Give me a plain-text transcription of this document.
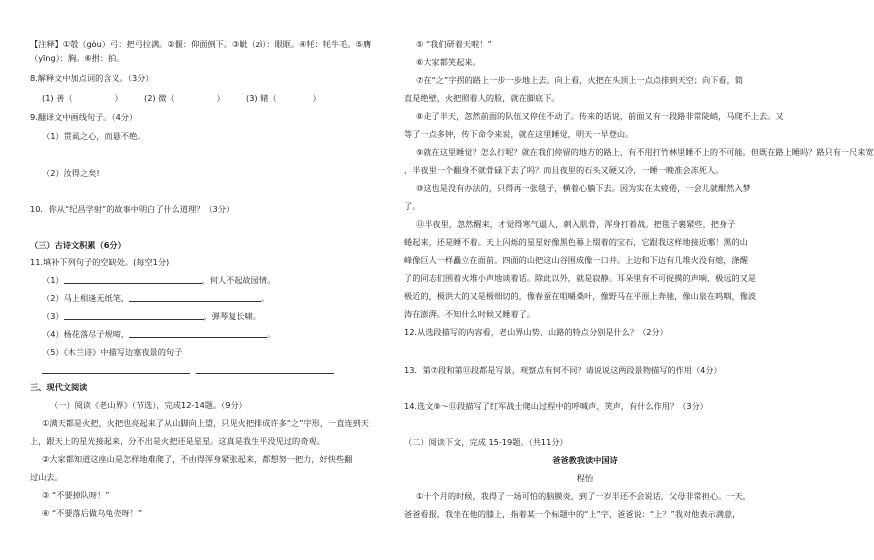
【注释】①彀（gòu）弓：把弓拉满。②偃：仰面倒下。③眦（zì）：眼眶。④牦：牦牛毛。⑤膺
（yīng）：胸。⑥拊：拍。
8.解释文中加点词的含义。（3分）
(1) 善（	）	(2) 微（	）	(3) 睹（	）
9.翻译文中画线句子。（4分）
（1）贯虱之心，而悬不绝。
（2）汝得之矣!
10．你从“纪昌学射”的故事中明白了什么道理？（3分）
（三）古诗文积累（6分）
11.填补下列句子的空缺处。(每空1分)
（1）	，何人不起故园情。
（2）马上相逢无纸笔，	。
（3）	，弹琴复长啸。
（4）杨花落尽子规啼，	。
（5）《木兰诗》中描写边塞夜景的句子
三、现代文阅读
（一）阅读《老山界》（节选），完成12-14题。（9分）
①满天都是火把，火把也亮起来了从山脚向上望，只见火把排成许多“之”字形，一直连到天
上，跟天上的星光接起来，分不出是火把还是星星。这真是我生平没见过的奇观。
②大家都知道这座山是怎样地难爬了，不由得浑身紧张起来，都想努一把力，好快些翻
过山去。
③ “不要掉队呀！”
④ “不要落后做乌龟壳呀！”
⑤ “我们研着天啦！”
⑥大家都笑起来。
⑦在“之”字拐的路上一步一步地上去。向上看，火把在头顶上一点点排到天空；向下看，简
直是绝壁，火把照着人的脸，就在脚底下。
⑧走了半天，忽然前面的队伍又停住不动了。传来的话说，前面又有一段路非常陡峭，马爬不上去。又
等了一点多钟，传下命令来说，就在这里睡觉，明天一早登山。
⑨就在这里睡觉？怎么行呢？就在我们停留的地方的路上，有不用打竹林里睡不上的不可能。但既在路上睡吗？路只有一尺来宽
，半夜里一个翻身不就骨碌下去了吗？而且夜里的石头又硬又冷，一睡一晚准会冻死人。
⑩这也是没有办法的，只得再一张毯子，横着心躺下去。因为实在太疲倦，一会儿就酣然入梦
了。
⑪半夜里，忽然醒来，才觉得寒气逼人，刺入肌骨，浑身打着战。把毯子裹紧些，把身子
蜷起来，还是睡不着。天上闪烁的星星好像黑色幕上缀着的宝石，它跟我这样地接近哪！黑的山
峰像巨人一样矗立在面前。四面的山把这山谷围成像一口井。上边和下边有几堆火没有熄，涤醒
了的同志们围着火堆小声地谈着话。除此以外，就是寂静。耳朵里有不可捉摸的声响，极远的又是
极近的，极洪大的又是极细切的，像春蚕在咀嚼桑叶，像野马在平原上奔驰，像山泉在呜咽，像波
涛在澎湃。不知什么时候又睡着了。
12.从选段描写的内容看，老山界山势、山路的特点分别是什么？（2分）
13．第⑦段和第⑪段都是写景，观察点有何不同？请说说这两段景物描写的作用（4分）
14.选文⑨～⑪段描写了红军战士爬山过程中的呼喊声、笑声，有什么作用？（3分）
（二）阅读下文，完成 15-19题。（共11分）
爸爸教我读中国诗
程怡
①十个月的时候，我得了一场可怕的脑膜炎，到了一岁半还不会说话，父母非常担心。一天，
爸爸看报，我坐在他的膝上，指着某一个标题中的“上”字，爸爸说：“上？”我对他表示满意，
